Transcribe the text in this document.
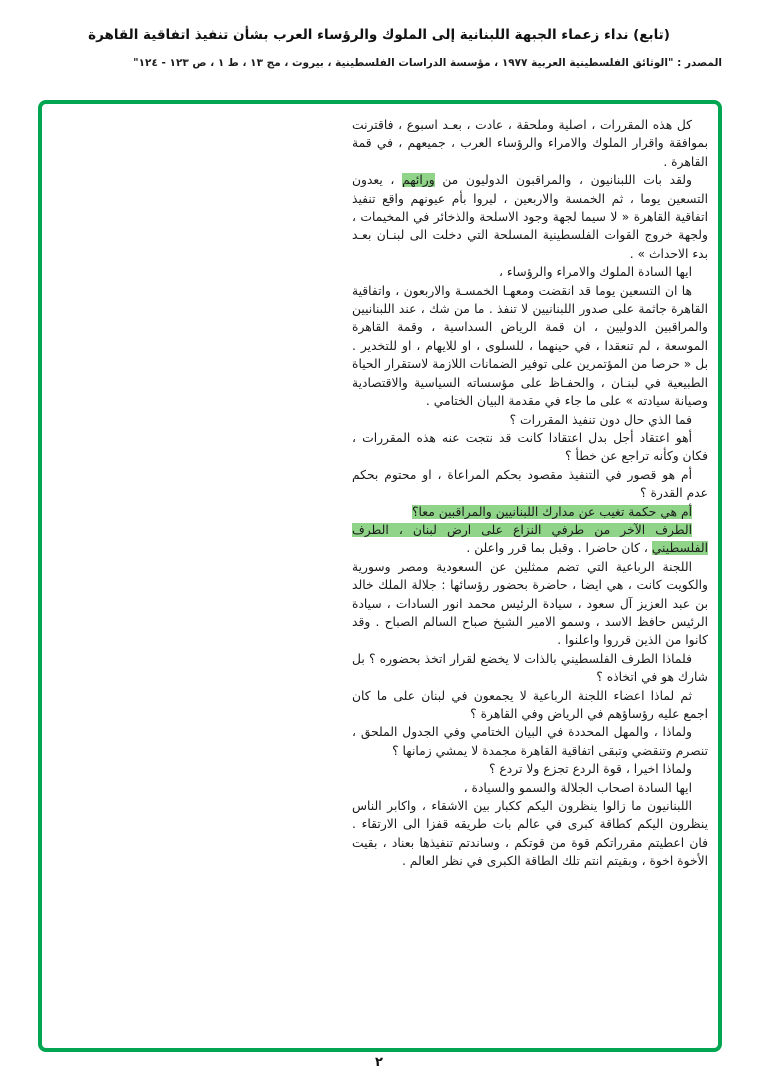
(تابع) نداء زعماء الجبهة اللبنانية إلى الملوك والرؤساء العرب بشأن تنفيذ اتفاقية القاهرة
المصدر : "الوثائق الفلسطينية العربية ١٩٧٧ ، مؤسسة الدراسات الفلسطينية ، بيروت ، مج ١٣ ، ط ١ ، ص ١٢٣ - ١٢٤"

كل هذه المقررات ، اصلية وملحقة ، عادت ، بعـد اسبوع ، فاقترنت بموافقة واقرار الملوك والامراء والرؤساء العرب ، جميعهم ، في قمة القاهرة .

ولقد بات اللبنانيون ، والمراقبون الدوليون من ورائهم ، يعدون التسعين يوما ، ثم الخمسة والاربعين ، ليروا بأم عيونهم واقع تنفيذ اتفاقية القاهرة « لا سيما لجهة وجود الاسلحة والذخائر في المخيمات ، ولجهة خروج القوات الفلسطينية المسلحة التي دخلت الى لبنـان بعـد بدء الاحداث » .

ايها السادة الملوك والامراء والرؤساء ،

ها ان التسعين يوما قد انقضت ومعهـا الخمسـة والاربعون ، واتفاقية القاهرة جاثمة على صدور اللبنانيين لا تنفذ . ما من شك ، عند اللبنانيين والمراقبين الدوليين ، ان قمة الرياض السداسية ، وقمة القاهرة الموسعة ، لم تنعقدا ، في حينهما ، للسلوى ، او للايهام ، او للتخدير . بل « حرصا من المؤتمرين على توفير الضمانات اللازمة لاستقرار الحياة الطبيعية في لبنـان ، والحفـاظ على مؤسساته السياسية والاقتصادية وصيانة سيادته » على ما جاء في مقدمة البيان الختامي .

فما الذي حال دون تنفيذ المقررات ؟

أهو اعتقاد أجل بدل اعتقادا كانت قد نتجت عنه هذه المقررات ، فكان وكأنه تراجع عن خطأ ؟

أم هو قصور في التنفيذ مقصود بحكم المراعاة ، او محتوم بحكم عدم القدرة ؟

أم هي حكمة تغيب عن مدارك اللبنانيين والمراقبين معا؟

الطرف الآخر من طرفي النزاع على ارض لبنان ، الطرف الفلسطيني ، كان حاضرا . وقبل بما قرر واعلن .

اللجنة الرباعية التي تضم ممثلين عن السعودية ومصر وسورية والكويت كانت ، هي ايضا ، حاضرة بحضور رؤسائها : جلالة الملك خالد بن عبد العزيز آل سعود ، سيادة الرئيس محمد انور السادات ، سيادة الرئيس حافظ الاسد ، وسمو الامير الشيخ صباح السالم الصباح . وقد كانوا من الذين قرروا واعلنوا .

فلماذا الطرف الفلسطيني بالذات لا يخضع لقرار اتخذ بحضوره ؟ بل شارك هو في اتخاذه ؟

ثم لماذا اعضاء اللجنة الرباعية لا يجمعون في لبنان على ما كان اجمع عليه رؤساؤهم في الرياض وفي القاهرة ؟

ولماذا ، والمهل المحددة في البيان الختامي وفي الجدول الملحق ، تنصرم وتنقضي وتبقى اتفاقية القاهرة مجمدة لا يمشي زمانها ؟

ولماذا اخيرا ، قوة الردع تجزع ولا تردع ؟

ايها السادة اصحاب الجلالة والسمو والسيادة ،

اللبنانيون ما زالوا ينظرون اليكم ككبار بين الاشقاء ، واكابر الناس ينظرون اليكم كطاقة كبرى في عالم بات طريقه قفزا الى الارتقاء . فان اعطيتم مقرراتكم قوة من قوتكم ، وساندتم تنفيذها بعناد ، بقيت الأخوة اخوة ، وبقيتم انتم تلك الطاقة الكبرى في نظر العالم .

٢
